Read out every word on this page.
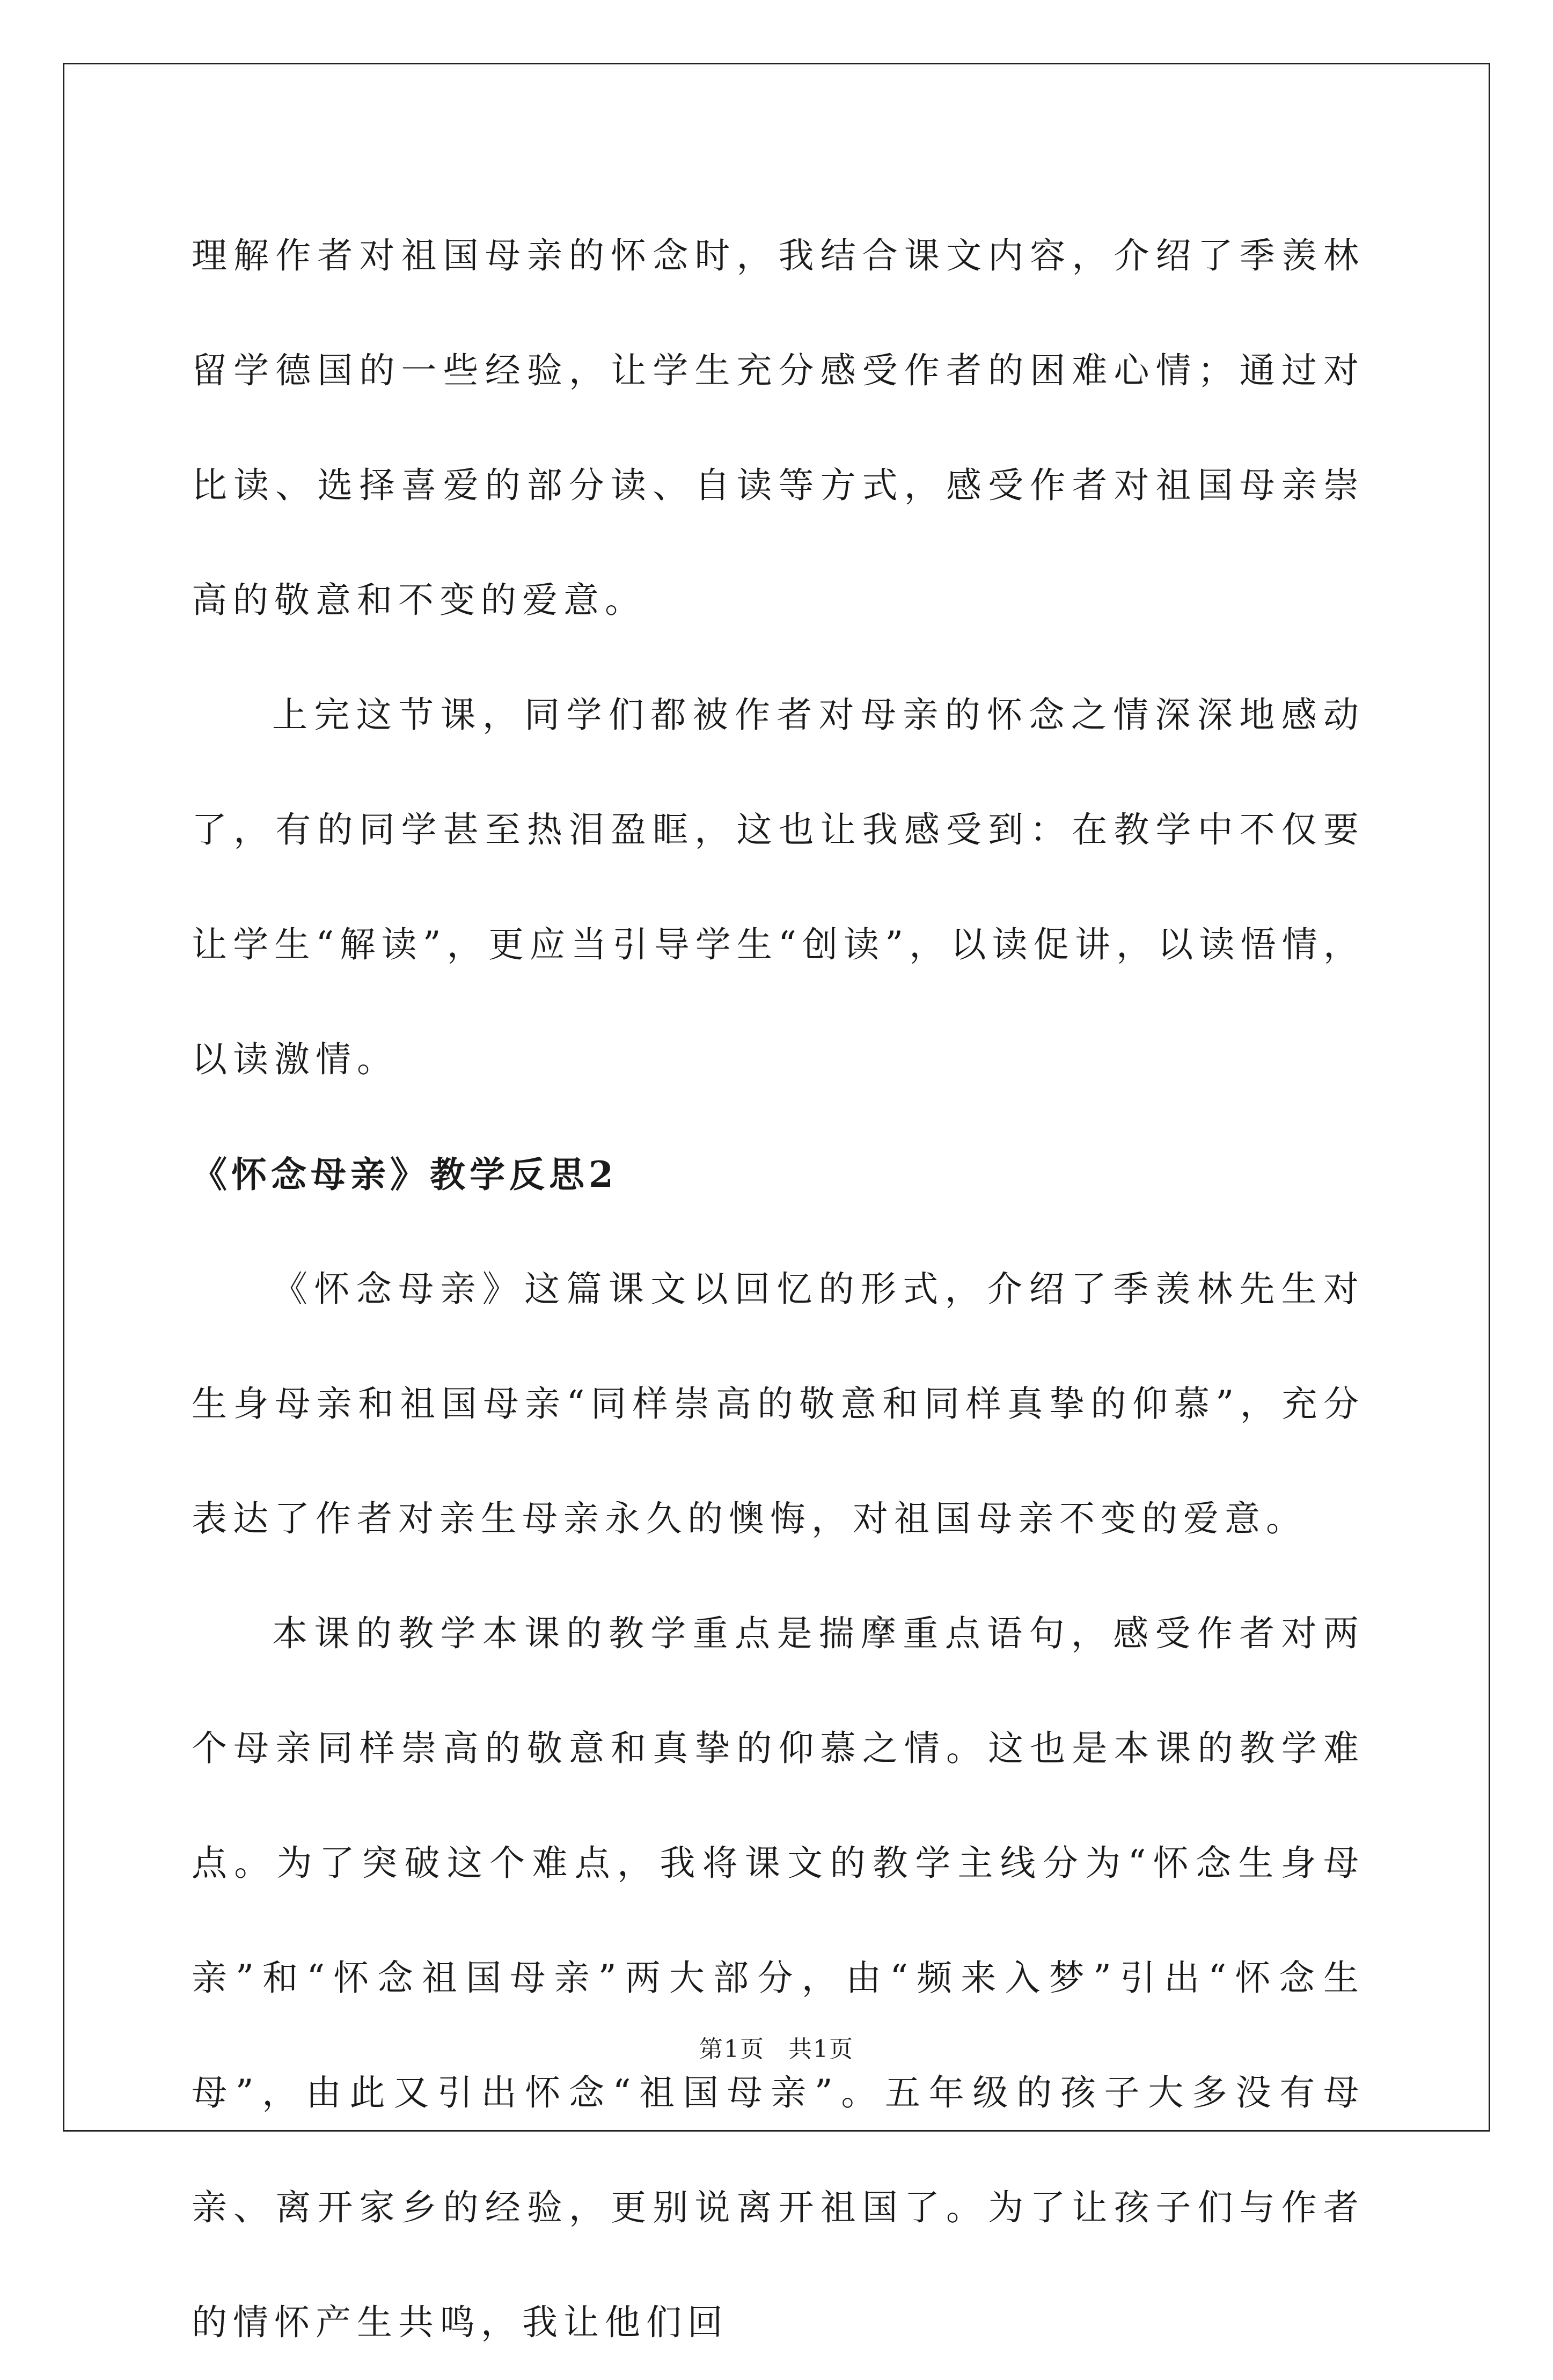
理解作者对祖国母亲的怀念时，我结合课文内容，介绍了季羡林留学德国的一些经验，让学生充分感受作者的困难心情；通过对比读、选择喜爱的部分读、自读等方式，感受作者对祖国母亲崇高的敬意和不变的爱意。

上完这节课，同学们都被作者对母亲的怀念之情深深地感动了，有的同学甚至热泪盈眶，这也让我感受到：在教学中不仅要让学生“解读”，更应当引导学生“创读”，以读促讲，以读悟情，以读激情。

《怀念母亲》教学反思2

《怀念母亲》这篇课文以回忆的形式，介绍了季羡林先生对生身母亲和祖国母亲“同样崇高的敬意和同样真挚的仰慕”，充分表达了作者对亲生母亲永久的懊悔，对祖国母亲不变的爱意。

本课的教学本课的教学重点是揣摩重点语句，感受作者对两个母亲同样崇高的敬意和真挚的仰慕之情。这也是本课的教学难点。为了突破这个难点，我将课文的教学主线分为“怀念生身母亲”和“怀念祖国母亲”两大部分，由“频来入梦”引出“怀念生母”，由此又引出怀念“祖国母亲”。五年级的孩子大多没有母亲、离开家乡的经验，更别说离开祖国了。为了让孩子们与作者的情怀产生共鸣，我让他们回

第1页 共1页
